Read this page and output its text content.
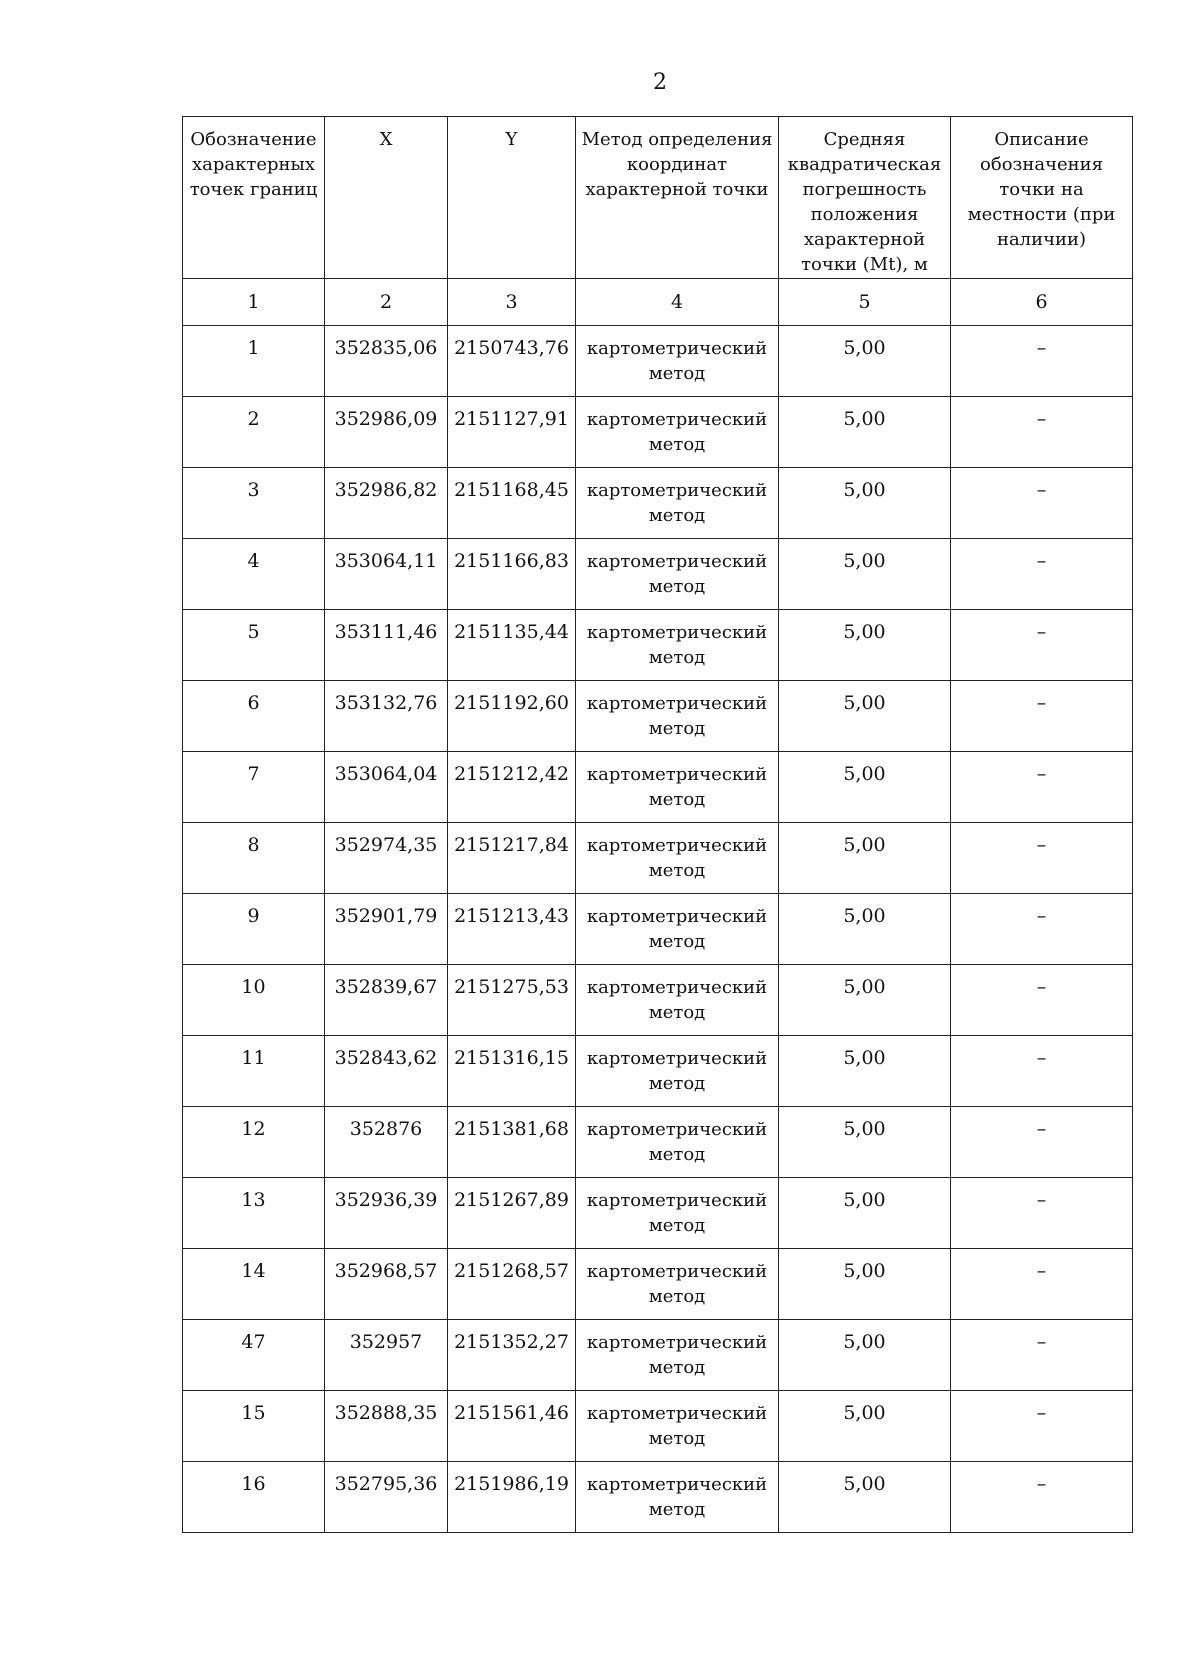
2
Обозначение характерных точек границ	X	Y	Метод определения координат характерной точки	Средняя квадратическая погрешность положения характерной точки (Mt), м	Описание обозначения точки на местности (при наличии)
1	2	3	4	5	6
1	352835,06	2150743,76	картометрический метод	5,00	–
2	352986,09	2151127,91	картометрический метод	5,00	–
3	352986,82	2151168,45	картометрический метод	5,00	–
4	353064,11	2151166,83	картометрический метод	5,00	–
5	353111,46	2151135,44	картометрический метод	5,00	–
6	353132,76	2151192,60	картометрический метод	5,00	–
7	353064,04	2151212,42	картометрический метод	5,00	–
8	352974,35	2151217,84	картометрический метод	5,00	–
9	352901,79	2151213,43	картометрический метод	5,00	–
10	352839,67	2151275,53	картометрический метод	5,00	–
11	352843,62	2151316,15	картометрический метод	5,00	–
12	352876	2151381,68	картометрический метод	5,00	–
13	352936,39	2151267,89	картометрический метод	5,00	–
14	352968,57	2151268,57	картометрический метод	5,00	–
47	352957	2151352,27	картометрический метод	5,00	–
15	352888,35	2151561,46	картометрический метод	5,00	–
16	352795,36	2151986,19	картометрический метод	5,00	–
